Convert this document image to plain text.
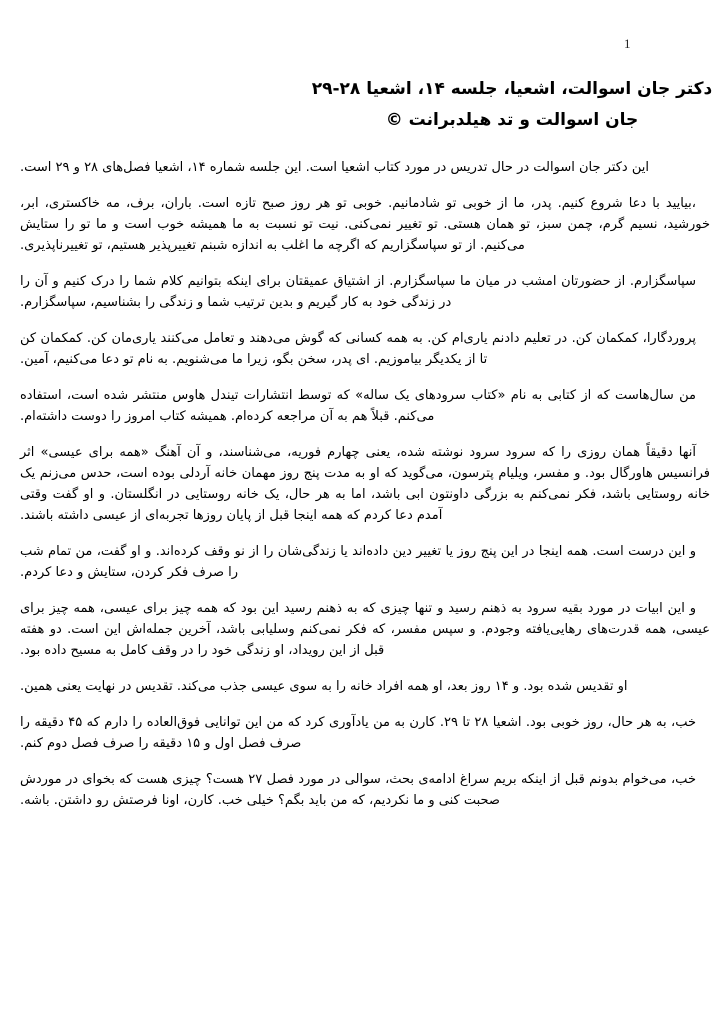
1
دکتر جان اسوالت، اشعیا، جلسه ۱۴، اشعیا ۲۸-۲۹
جان اسوالت و تد هیلدبرانت ©

این دکتر جان اسوالت در حال تدریس در مورد کتاب اشعیا است. این جلسه شماره ۱۴، اشعیا فصل‌های ۲۸ و ۲۹ است.

،بیایید با دعا شروع کنیم. پدر، ما از خوبی تو شادمانیم. خوبی تو هر روز صبح تازه است. باران، برف، مه خاکستری، ابر، خورشید، نسیم گرم، چمن سبز، تو همان هستی. تو تغییر نمی‌کنی. نیت تو نسبت به ما همیشه خوب است و ما تو را ستایش می‌کنیم. از تو سپاسگزاریم که اگرچه ما اغلب به اندازه شبنم تغییرپذیر هستیم، تو تغییرناپذیری.

سپاسگزارم. از حضورتان امشب در میان ما سپاسگزارم. از اشتیاق عمیقتان برای اینکه بتوانیم کلام شما را درک کنیم و آن را در زندگی خود به کار گیریم و بدین ترتیب شما و زندگی را بشناسیم، سپاسگزارم.

پروردگارا، کمکمان کن. در تعلیم دادنم یاری‌ام کن. به همه کسانی که گوش می‌دهند و تعامل می‌کنند یاری‌مان کن. کمکمان کن تا از یکدیگر بیاموزیم. ای پدر، سخن بگو، زیرا ما می‌شنویم. به نام تو دعا می‌کنیم، آمین.

من سال‌هاست که از کتابی به نام «کتاب سرودهای یک ساله» که توسط انتشارات تیندل هاوس منتشر شده است، استفاده می‌کنم. قبلاً هم به آن مراجعه کرده‌ام. همیشه کتاب امروز را دوست داشته‌ام.

آنها دقیقاً همان روزی را که سرود سرود نوشته شده، یعنی چهارم فوریه، می‌شناسند، و آن آهنگ «همه برای عیسی» اثر فرانسیس هاورگال بود. و مفسر، ویلیام پترسون، می‌گوید که او به مدت پنج روز مهمان خانه آردلی بوده است، حدس می‌زنم یک خانه روستایی باشد، فکر نمی‌کنم به بزرگی داونتون ابی باشد، اما به هر حال، یک خانه روستایی در انگلستان. و او گفت وقتی آمدم دعا کردم که همه اینجا قبل از پایان روزها تجربه‌ای از عیسی داشته باشند.

و این درست است. همه اینجا در این پنج روز یا تغییر دین داده‌اند یا زندگی‌شان را از نو وقف کرده‌اند. و او گفت، من تمام شب را صرف فکر کردن، ستایش و دعا کردم.

و این ابیات در مورد بقیه سرود به ذهنم رسید و تنها چیزی که به ذهنم رسید این بود که همه چیز برای عیسی، همه چیز برای عیسی، همه قدرت‌های رهایی‌یافته وجودم. و سپس مفسر، که فکر نمی‌کنم وسلیابی باشد، آخرین جمله‌اش این است. دو هفته قبل از این رویداد، او زندگی خود را در وقف کامل به مسیح داده بود.

او تقدیس شده بود. و ۱۴ روز بعد، او همه افراد خانه را به سوی عیسی جذب می‌کند. تقدیس در نهایت یعنی همین.

خب، به هر حال، روز خوبی بود. اشعیا ۲۸ تا ۲۹. کارن به من یادآوری کرد که من این توانایی فوق‌العاده را دارم که ۴۵ دقیقه را صرف فصل اول و ۱۵ دقیقه را صرف فصل دوم کنم.

خب، می‌خوام بدونم قبل از اینکه بریم سراغ ادامه‌ی بحث، سوالی در مورد فصل ۲۷ هست؟ چیزی هست که بخوای در موردش صحبت کنی و ما نکردیم، که من باید بگم؟ خیلی خب. کارن، اونا فرصتش رو داشتن. باشه.
